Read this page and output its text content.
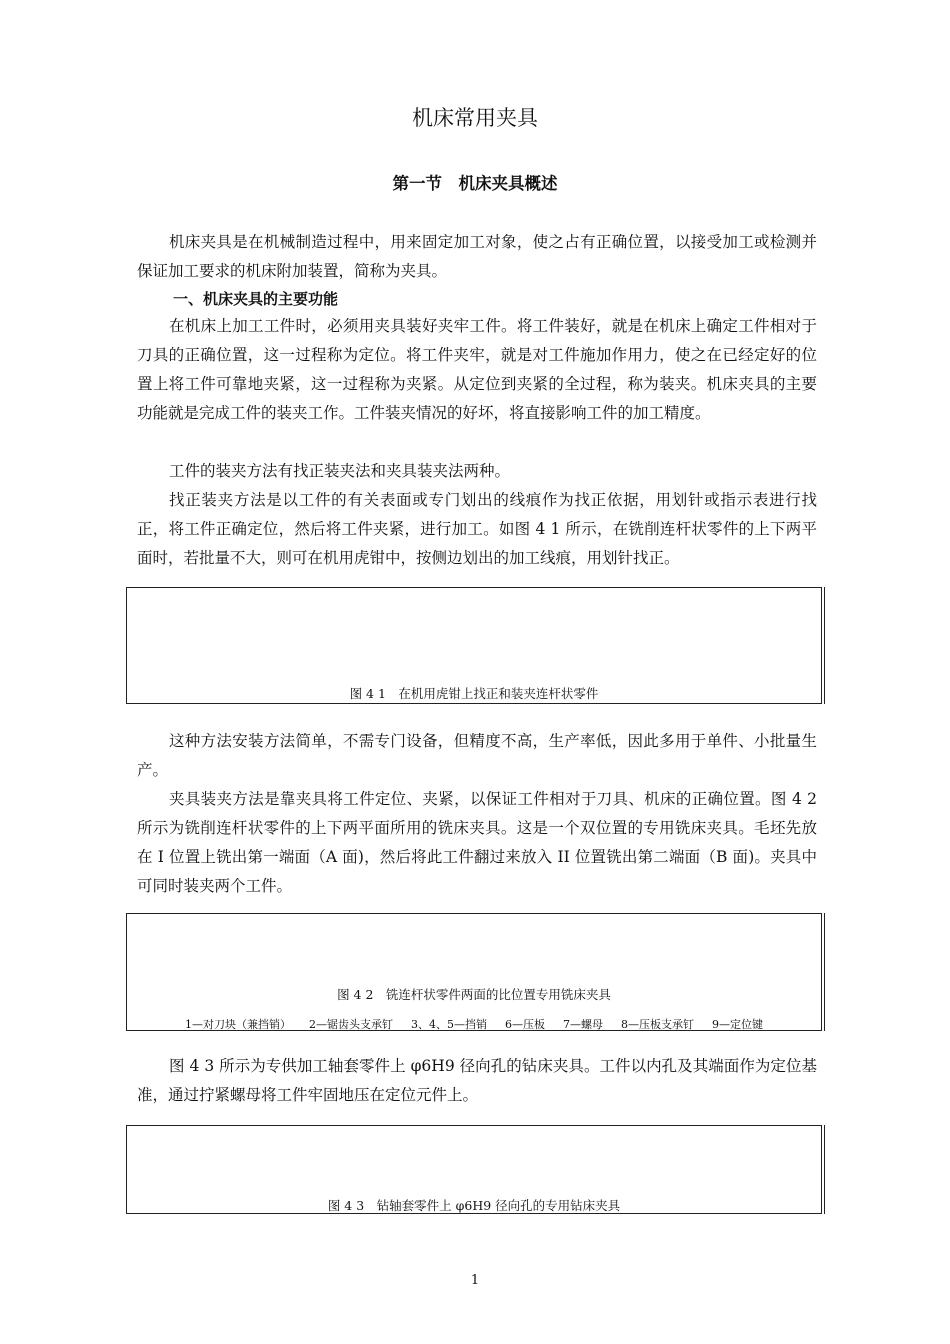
机床常用夹具
第一节　机床夹具概述

机床夹具是在机械制造过程中，用来固定加工对象，使之占有正确位置，以接受加工或检测并保证加工要求的机床附加装置，简称为夹具。

一、机床夹具的主要功能

在机床上加工工件时，必须用夹具装好夹牢工件。将工件装好，就是在机床上确定工件相对于刀具的正确位置，这一过程称为定位。将工件夹牢，就是对工件施加作用力，使之在已经定好的位置上将工件可靠地夹紧，这一过程称为夹紧。从定位到夹紧的全过程，称为装夹。机床夹具的主要功能就是完成工件的装夹工作。工件装夹情况的好坏，将直接影响工件的加工精度。

工件的装夹方法有找正装夹法和夹具装夹法两种。

找正装夹方法是以工件的有关表面或专门划出的线痕作为找正依据，用划针或指示表进行找正，将工件正确定位，然后将工件夹紧，进行加工。如图 4 1 所示，在铣削连杆状零件的上下两平面时，若批量不大，则可在机用虎钳中，按侧边划出的加工线痕，用划针找正。

图 4 1　在机用虎钳上找正和装夹连杆状零件

这种方法安装方法简单，不需专门设备，但精度不高，生产率低，因此多用于单件、小批量生产。

夹具装夹方法是靠夹具将工件定位、夹紧，以保证工件相对于刀具、机床的正确位置。图 4 2 所示为铣削连杆状零件的上下两平面所用的铣床夹具。这是一个双位置的专用铣床夹具。毛坯先放在 I 位置上铣出第一端面（A 面)，然后将此工件翻过来放入 II 位置铣出第二端面（B 面)。夹具中可同时装夹两个工件。

图 4 2　铣连杆状零件两面的比位置专用铣床夹具
1—对刀块（兼挡销） 2—锯齿头支承钉 3、4、5—挡销 6—压板 7—螺母 8—压板支承钉 9—定位键

图 4 3 所示为专供加工轴套零件上 φ6H9 径向孔的钻床夹具。工件以内孔及其端面作为定位基准，通过拧紧螺母将工件牢固地压在定位元件上。

图 4 3　钻轴套零件上 φ6H9 径向孔的专用钻床夹具
1
